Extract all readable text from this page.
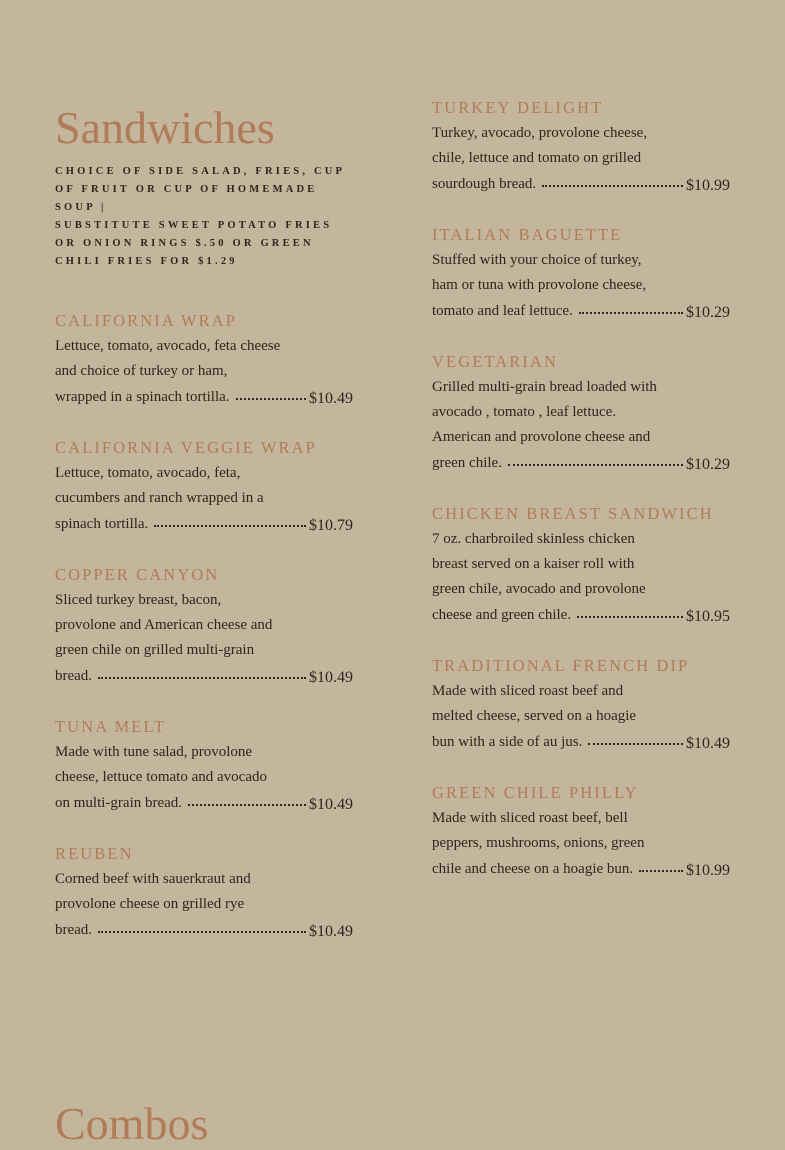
Sandwiches
CHOICE OF SIDE SALAD, FRIES, CUP
OF FRUIT OR CUP OF HOMEMADE
SOUP |
SUBSTITUTE SWEET POTATO FRIES
OR ONION RINGS $.50 OR GREEN
CHILI FRIES FOR $1.29
CALIFORNIA WRAP
Lettuce, tomato, avocado, feta cheese
and choice of turkey or ham,
wrapped in a spinach tortilla.	$10.49
CALIFORNIA VEGGIE WRAP
Lettuce, tomato, avocado, feta,
cucumbers and ranch wrapped in a
spinach tortilla.	$10.79
COPPER CANYON
Sliced turkey breast, bacon,
provolone and American cheese and
green chile on grilled multi-grain
bread.	$10.49
TUNA MELT
Made with tune salad, provolone
cheese, lettuce tomato and avocado
on multi-grain bread.	$10.49
REUBEN
Corned beef with sauerkraut and
provolone cheese on grilled rye
bread.	$10.49
TURKEY DELIGHT
Turkey, avocado, provolone cheese,
chile, lettuce and tomato on grilled
sourdough bread.	$10.99
ITALIAN BAGUETTE
Stuffed with your choice of turkey,
ham or tuna with provolone cheese,
tomato and leaf lettuce.	$10.29
VEGETARIAN
Grilled multi-grain bread loaded with
avocado , tomato , leaf lettuce.
American and provolone cheese and
green chile.	$10.29
CHICKEN BREAST SANDWICH
7 oz. charbroiled skinless chicken
breast served on a kaiser roll with
green chile, avocado and provolone
cheese and green chile.	$10.95
TRADITIONAL FRENCH DIP
Made with sliced roast beef and
melted cheese, served on a hoagie
bun with a side of au jus.	$10.49
GREEN CHILE PHILLY
Made with sliced roast beef, bell
peppers, mushrooms, onions, green
chile and cheese on a hoagie bun.	$10.99
Combos
